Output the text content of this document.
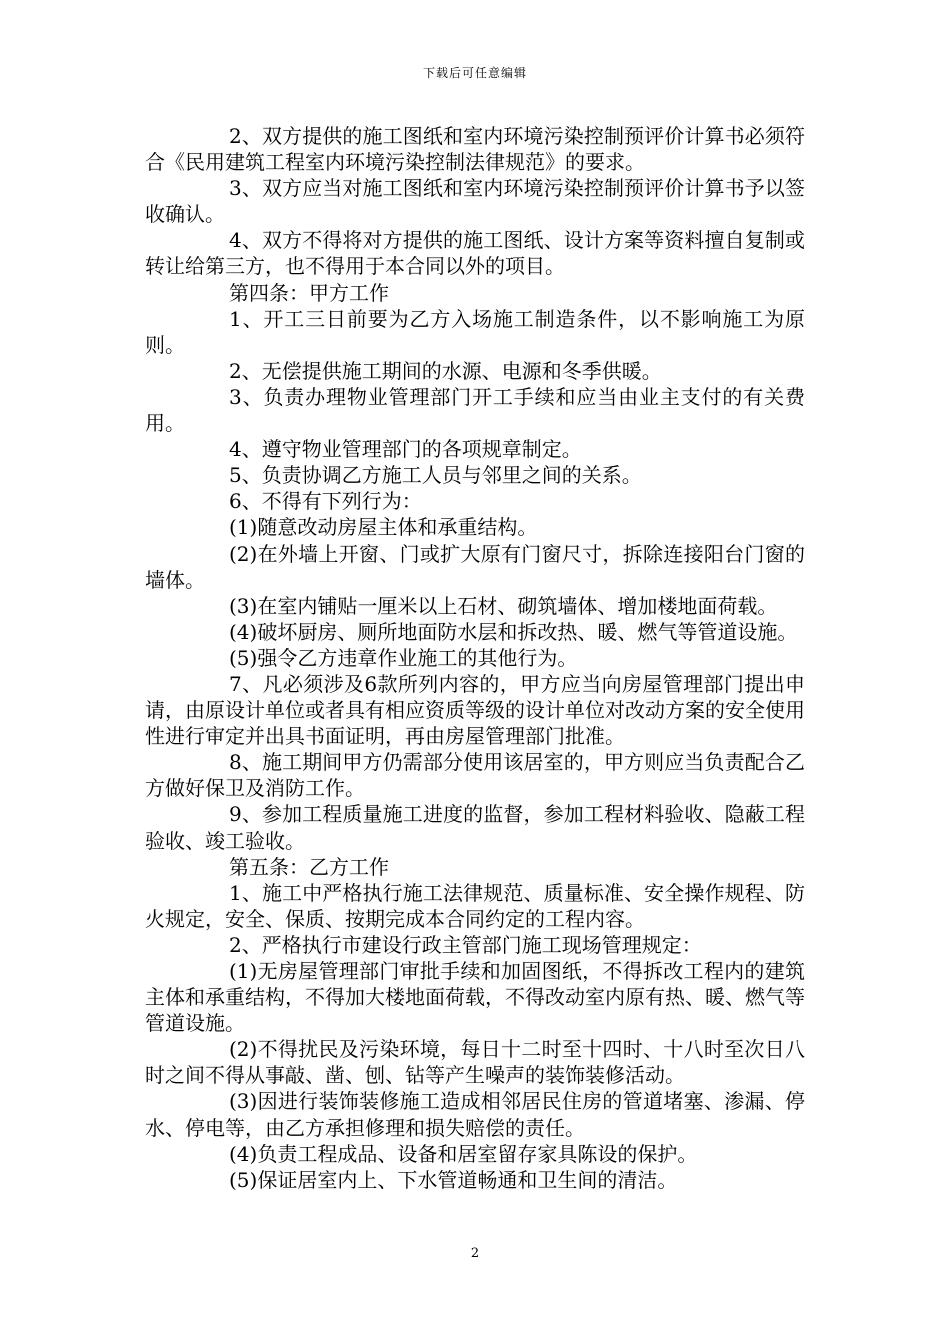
下载后可任意编辑

2、双方提供的施工图纸和室内环境污染控制预评价计算书必须符合《民用建筑工程室内环境污染控制法律规范》的要求。

3、双方应当对施工图纸和室内环境污染控制预评价计算书予以签收确认。

4、双方不得将对方提供的施工图纸、设计方案等资料擅自复制或转让给第三方，也不得用于本合同以外的项目。

第四条：甲方工作

1、开工三日前要为乙方入场施工制造条件，以不影响施工为原则。

2、无偿提供施工期间的水源、电源和冬季供暖。

3、负责办理物业管理部门开工手续和应当由业主支付的有关费用。

4、遵守物业管理部门的各项规章制定。

5、负责协调乙方施工人员与邻里之间的关系。

6、不得有下列行为：

(1)随意改动房屋主体和承重结构。

(2)在外墙上开窗、门或扩大原有门窗尺寸，拆除连接阳台门窗的墙体。

(3)在室内铺贴一厘米以上石材、砌筑墙体、增加楼地面荷载。

(4)破坏厨房、厕所地面防水层和拆改热、暖、燃气等管道设施。

(5)强令乙方违章作业施工的其他行为。

7、凡必须涉及6款所列内容的，甲方应当向房屋管理部门提出申请，由原设计单位或者具有相应资质等级的设计单位对改动方案的安全使用性进行审定并出具书面证明，再由房屋管理部门批准。

8、施工期间甲方仍需部分使用该居室的，甲方则应当负责配合乙方做好保卫及消防工作。

9、参加工程质量施工进度的监督，参加工程材料验收、隐蔽工程验收、竣工验收。

第五条：乙方工作

1、施工中严格执行施工法律规范、质量标准、安全操作规程、防火规定，安全、保质、按期完成本合同约定的工程内容。

2、严格执行市建设行政主管部门施工现场管理规定：

(1)无房屋管理部门审批手续和加固图纸，不得拆改工程内的建筑主体和承重结构，不得加大楼地面荷载，不得改动室内原有热、暖、燃气等管道设施。

(2)不得扰民及污染环境，每日十二时至十四时、十八时至次日八时之间不得从事敲、凿、刨、钻等产生噪声的装饰装修活动。

(3)因进行装饰装修施工造成相邻居民住房的管道堵塞、渗漏、停水、停电等，由乙方承担修理和损失赔偿的责任。

(4)负责工程成品、设备和居室留存家具陈设的保护。

(5)保证居室内上、下水管道畅通和卫生间的清洁。

2
